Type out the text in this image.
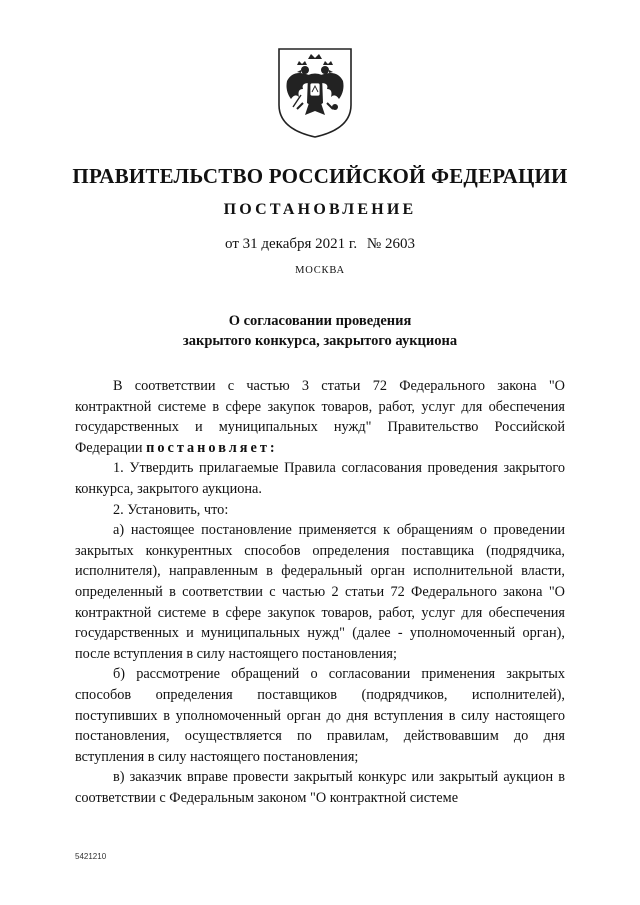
ПРАВИТЕЛЬСТВО РОССИЙСКОЙ ФЕДЕРАЦИИ
ПОСТАНОВЛЕНИЕ
от 31 декабря 2021 г. № 2603
МОСКВА
О согласовании проведения
закрытого конкурса, закрытого аукциона

В соответствии с частью 3 статьи 72 Федерального закона "О контрактной системе в сфере закупок товаров, работ, услуг для обеспечения государственных и муниципальных нужд" Правительство Российской Федерации постановляет:

1. Утвердить прилагаемые Правила согласования проведения закрытого конкурса, закрытого аукциона.

2. Установить, что:

а) настоящее постановление применяется к обращениям о проведении закрытых конкурентных способов определения поставщика (подрядчика, исполнителя), направленным в федеральный орган исполнительной власти, определенный в соответствии с частью 2 статьи 72 Федерального закона "О контрактной системе в сфере закупок товаров, работ, услуг для обеспечения государственных и муниципальных нужд" (далее - уполномоченный орган), после вступления в силу настоящего постановления;

б) рассмотрение обращений о согласовании применения закрытых способов определения поставщиков (подрядчиков, исполнителей), поступивших в уполномоченный орган до дня вступления в силу настоящего постановления, осуществляется по правилам, действовавшим до дня вступления в силу настоящего постановления;

в) заказчик вправе провести закрытый конкурс или закрытый аукцион в соответствии с Федеральным законом "О контрактной системе

5421210
